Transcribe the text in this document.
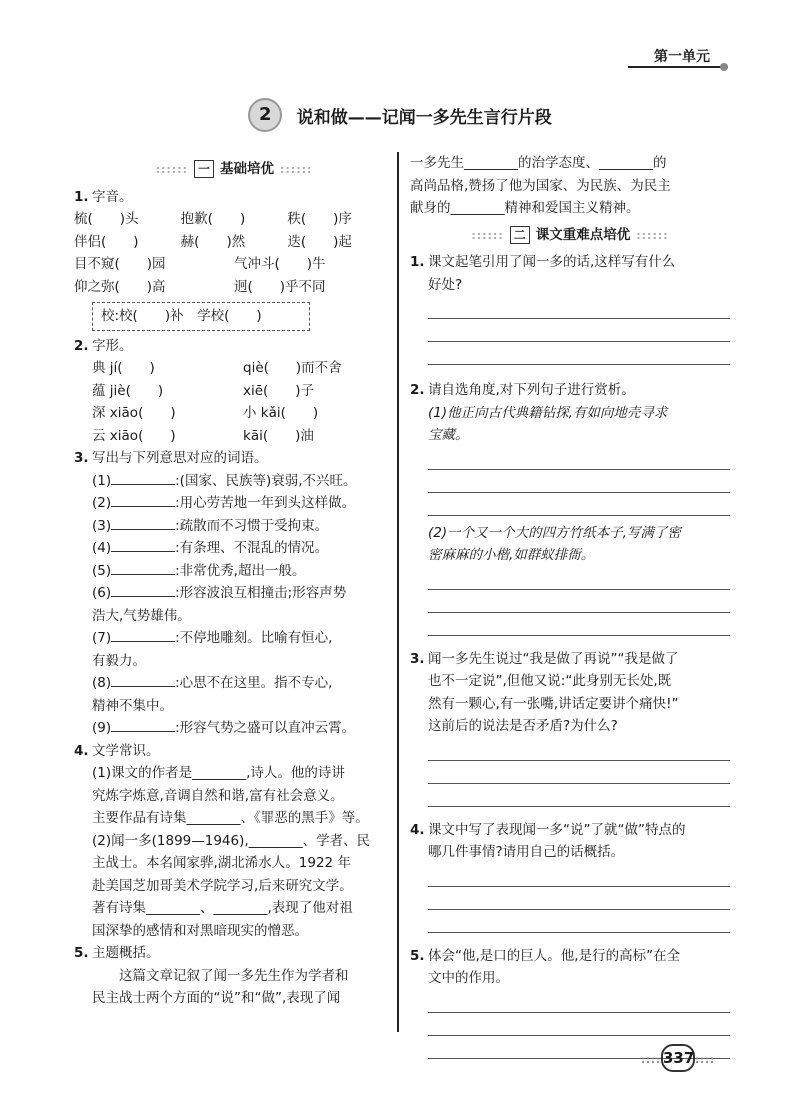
第一单元
2 说和做——记闻一多先生言行片段
:::::: 一 基础培优 ::::::
1. 字音。
梳(　　)头	抱歉(　　)	秩(　　)序
伴侣(　　)	赫(　　)然	迭(　　)起
目不窥(　　)园	气冲斗(　　)牛
仰之弥(　　)高	迥(　　)乎不同
校:校(　　)补　学校(　　)
2. 字形。
典 jí(　　)	qiè(　　)而不舍
蕴 jiè(　　)	xiē(　　)子
深 xiāo(　　)	小 kǎi(　　)
云 xiāo(　　)	kāi(　　)油
3. 写出与下列意思对应的词语。
(1)	:(国家、民族等)衰弱,不兴旺。
(2)	:用心劳苦地一年到头这样做。
(3)	:疏散而不习惯于受拘束。
(4)	:有条理、不混乱的情况。
(5)	:非常优秀,超出一般。
(6)	:形容波浪互相撞击;形容声势
浩大,气势雄伟。
(7)	:不停地雕刻。比喻有恒心,
有毅力。
(8)	:心思不在这里。指不专心,
精神不集中。
(9)	:形容气势之盛可以直冲云霄。
4. 文学常识。
(1)课文的作者是________,诗人。他的诗讲
究炼字炼意,音调自然和谐,富有社会意义。
主要作品有诗集________、《罪恶的黑手》等。
(2)闻一多(1899—1946),________、学者、民
主战士。本名闻家骅,湖北浠水人。1922 年
赴美国芝加哥美术学院学习,后来研究文学。
著有诗集________、________,表现了他对祖
国深挚的感情和对黑暗现实的憎恶。
5. 主题概括。
　　这篇文章记叙了闻一多先生作为学者和
民主战士两个方面的“说”和“做”,表现了闻
一多先生________的治学态度、________的
高尚品格,赞扬了他为国家、为民族、为民主
献身的________精神和爱国主义精神。
:::::: 二 课文重难点培优 ::::::
1. 课文起笔引用了闻一多的话,这样写有什么
好处?
2. 请自选角度,对下列句子进行赏析。
(1)他正向古代典籍钻探,有如向地壳寻求
宝藏。
(2)一个又一个大的四方竹纸本子,写满了密
密麻麻的小楷,如群蚁排衙。
3. 闻一多先生说过“我是做了再说”“我是做了
也不一定说”,但他又说:“此身别无长处,既
然有一颗心,有一张嘴,讲话定要讲个痛快!”
这前后的说法是否矛盾?为什么?
4. 课文中写了表现闻一多“说”了就“做”特点的
哪几件事情?请用自己的话概括。
5. 体会“他,是口的巨人。他,是行的高标”在全
文中的作用。
:::: 337::::
